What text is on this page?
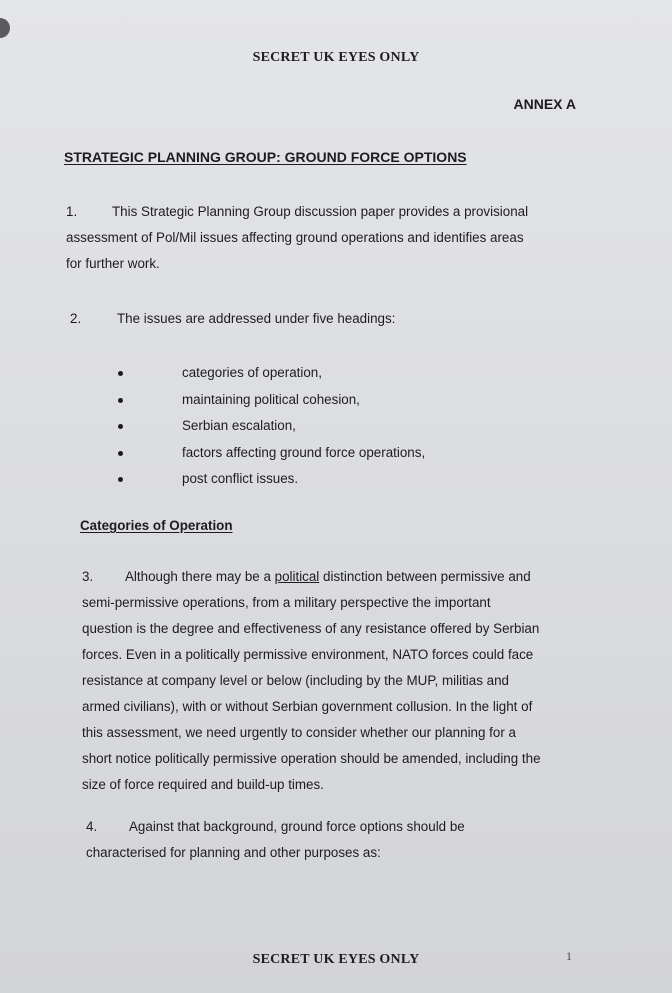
SECRET UK EYES ONLY
ANNEX A
STRATEGIC PLANNING GROUP: GROUND FORCE OPTIONS
1.	This Strategic Planning Group discussion paper provides a provisional
assessment of Pol/Mil issues affecting ground operations and identifies areas
for further work.
2.	The issues are addressed under five headings:
categories of operation,
maintaining political cohesion,
Serbian escalation,
factors affecting ground force operations,
post conflict issues.
Categories of Operation
3. Although there may be a political distinction between permissive and
semi-permissive operations, from a military perspective the important
question is the degree and effectiveness of any resistance offered by Serbian
forces. Even in a politically permissive environment, NATO forces could face
resistance at company level or below (including by the MUP, militias and
armed civilians), with or without Serbian government collusion. In the light of
this assessment, we need urgently to consider whether our planning for a
short notice politically permissive operation should be amended, including the
size of force required and build-up times.
4. Against that background, ground force options should be
characterised for planning and other purposes as:
SECRET UK EYES ONLY	1
